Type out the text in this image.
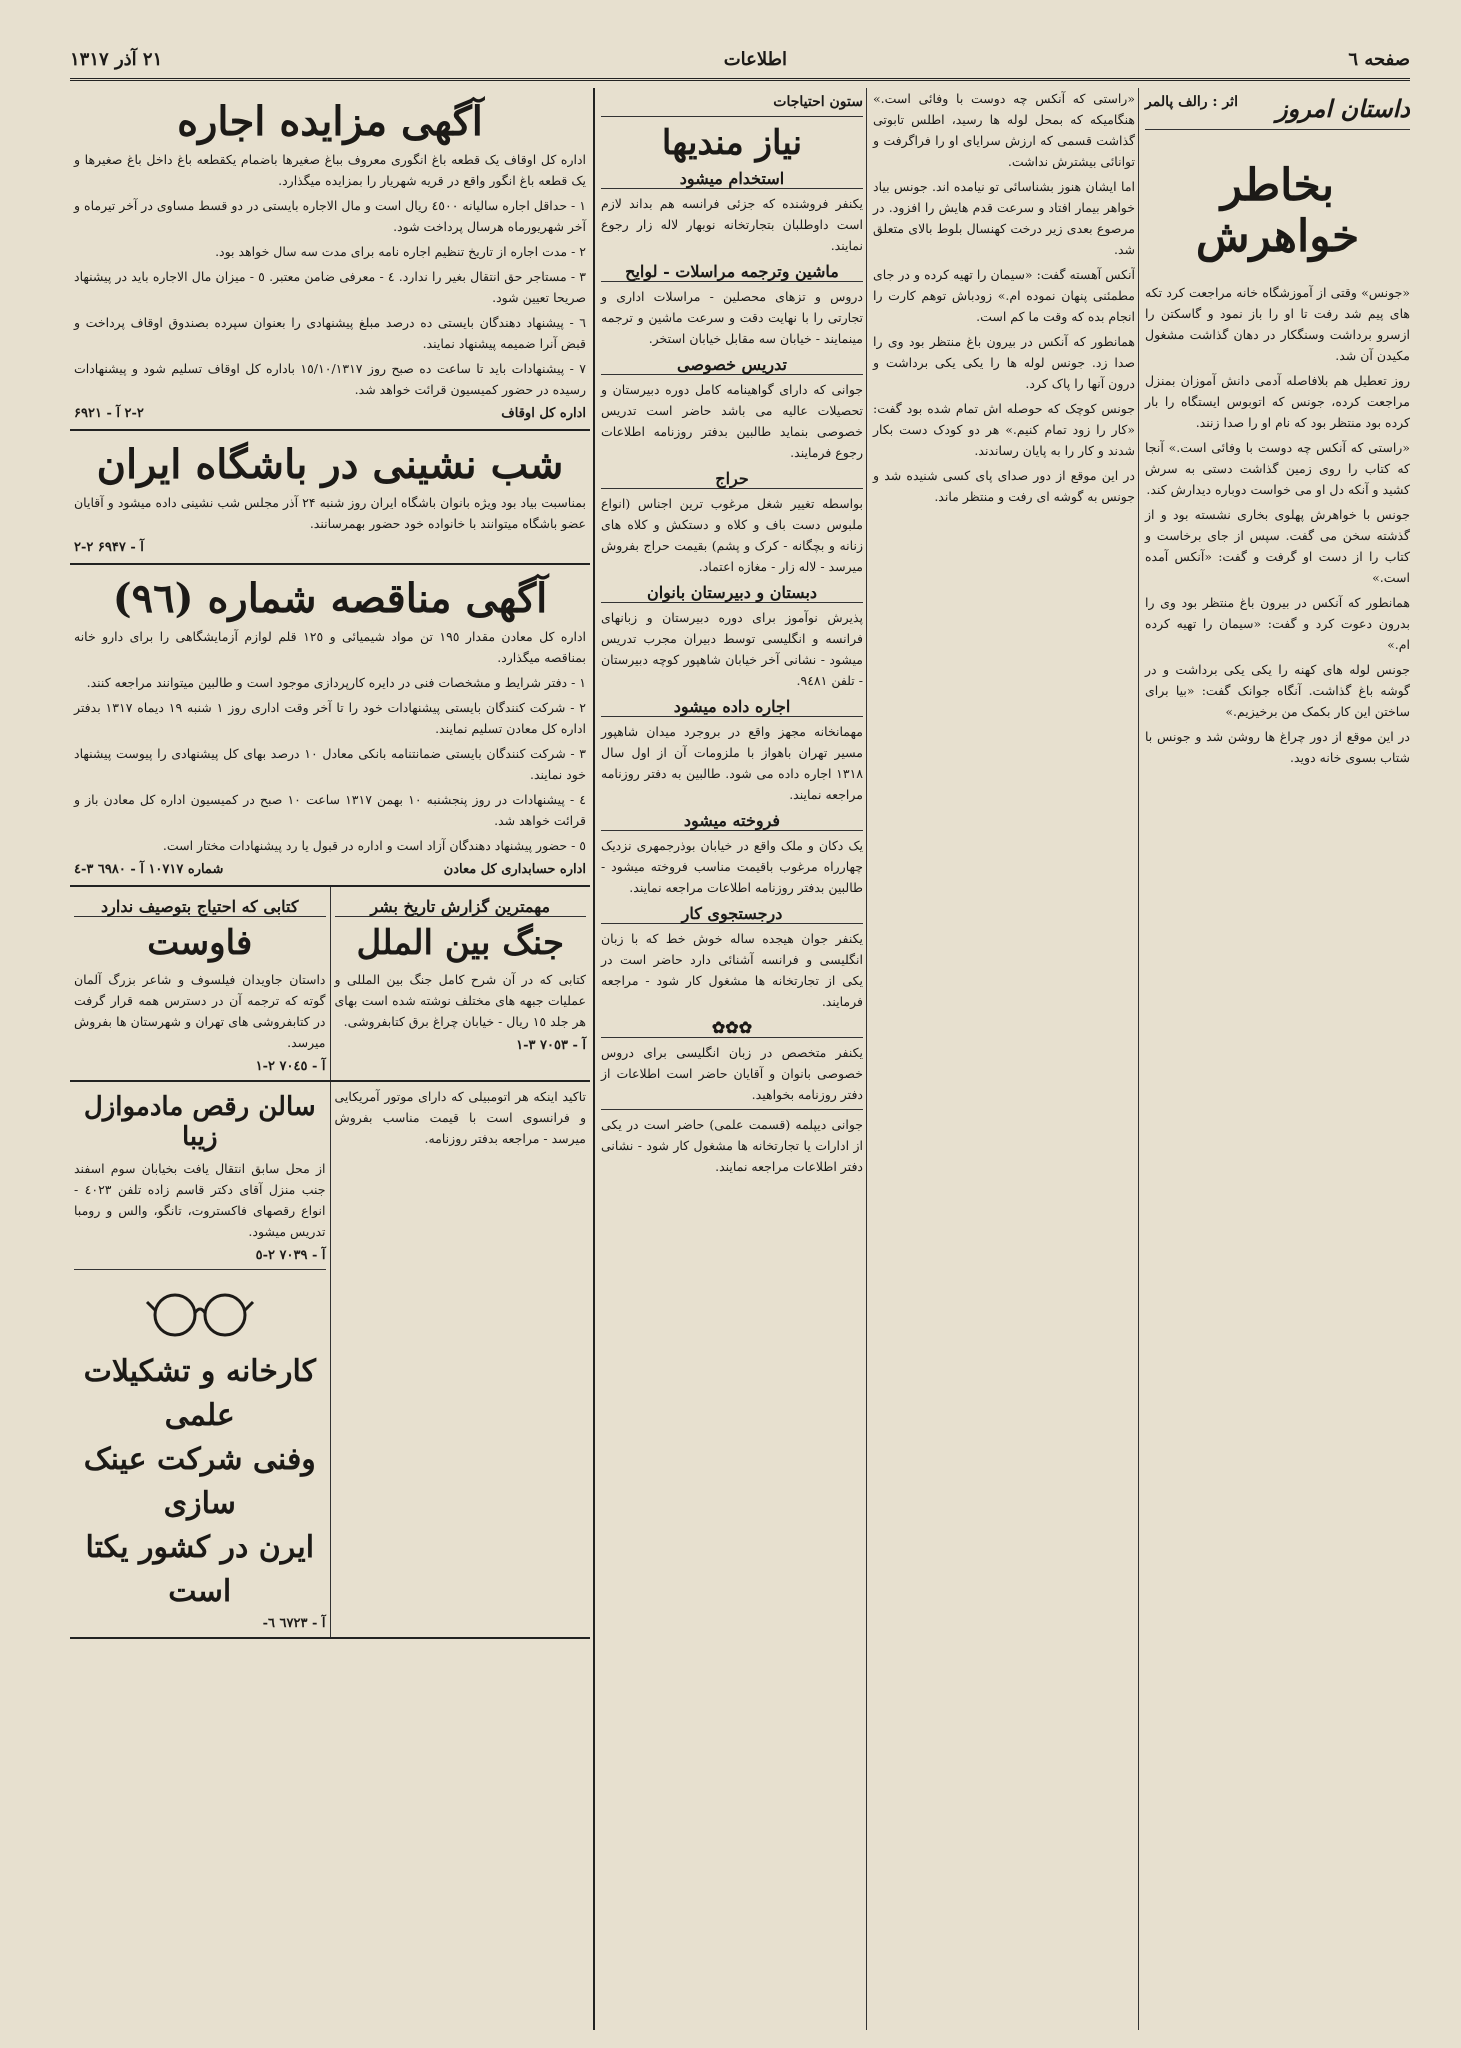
صفحه ٦
اطلاعات
۲۱ آذر ۱۳۱۷
داستان امروز
اثر : رالف پالمر
بخاطر خواهرش

«جونس» وقتی از آموزشگاه خانه مراجعت کرد تکه های پیم شد رفت تا او را باز نمود و گاسکتن را ازسرو برداشت وسنگکار در دهان گذاشت مشغول مکیدن آن شد.

روز تعطیل هم بلافاصله آدمی دانش آموزان بمنزل مراجعت کرده، جونس که اتوبوس ایستگاه را بار کرده بود منتظر بود که نام او را صدا زنند.

«راستی که آنکس چه دوست با وفائی است.» آنجا که کتاب را روی زمین گذاشت دستی به سرش کشید و آنکه دل او می خواست دوباره دیدارش کند.

جونس با خواهرش پهلوی بخاری نشسته بود و از گذشته سخن می گفت. سپس از جای برخاست و کتاب را از دست او گرفت و گفت: «آنکس آمده است.»

همانطور که آنکس در بیرون باغ منتظر بود وی را بدرون دعوت کرد و گفت: «سیمان را تهیه کرده ام.»

جونس لوله های کهنه را یکی یکی برداشت و در گوشه باغ گذاشت. آنگاه جوانک گفت: «بیا برای ساختن این کار بکمک من برخیزیم.»

در این موقع از دور چراغ ها روشن شد و جونس با شتاب بسوی خانه دوید.

«راستی که آنکس چه دوست با وفائی است.» هنگامیکه که بمحل لوله ها رسید، اطلس تابوتی گذاشت قسمی که ارزش سرایای او را فراگرفت و توانائی بیشترش نداشت.

اما ایشان هنوز بشناسائی تو نیامده اند. جونس بیاد خواهر بیمار افتاد و سرعت قدم هایش را افزود. در مرصوع بعدی زیر درخت کهنسال بلوط بالای متعلق شد.

آنکس آهسته گفت: «سیمان را تهیه کرده و در جای مطمئنی پنهان نموده ام.» زودباش توهم کارت را انجام بده که وقت ما کم است.

همانطور که آنکس در بیرون باغ منتظر بود وی را صدا زد. جونس لوله ها را یکی یکی برداشت و درون آنها را پاک کرد.

جونس کوچک که حوصله اش تمام شده بود گفت: «کار را زود تمام کنیم.» هر دو کودک دست بکار شدند و کار را به پایان رساندند.

در این موقع از دور صدای پای کسی شنیده شد و جونس به گوشه ای رفت و منتظر ماند.

ستون احتیاجات
نیاز مندیها
استخدام میشود

یکنفر فروشنده که جزئی فرانسه هم بداند لازم است داوطلبان بتجارتخانه نوبهار لاله زار رجوع نمایند.

ماشین وترجمه مراسلات - لوایح

دروس و تزهای محصلین - مراسلات اداری و تجارتی را با نهایت دقت و سرعت ماشین و ترجمه مینمایند - خیابان سه مقابل خیابان استخر.

تدریس خصوصی

جوانی که دارای گواهینامه کامل دوره دبیرستان و تحصیلات عالیه می باشد حاضر است تدریس خصوصی بنماید طالبین بدفتر روزنامه اطلاعات رجوع فرمایند.

حراج

بواسطه تغییر شغل مرغوب ترین اجناس (انواع ملبوس دست باف و کلاه و دستکش و کلاه های زنانه و بچگانه - کرک و پشم) بقیمت حراج بفروش میرسد - لاله زار - مغازه اعتماد.

دبستان و دبیرستان بانوان

پذیرش نوآموز برای دوره دبیرستان و زبانهای فرانسه و انگلیسی توسط دبیران مجرب تدریس میشود - نشانی آخر خیابان شاهپور کوچه دبیرستان - تلفن ٩٤٨١.

اجاره داده میشود

مهمانخانه مجهز واقع در بروجرد میدان شاهپور مسیر تهران باهواز با ملزومات آن از اول سال ١٣١٨ اجاره داده می شود. طالبین به دفتر روزنامه مراجعه نمایند.

فروخته میشود

یک دکان و ملک واقع در خیابان بوذرجمهری نزدیک چهارراه مرغوب باقیمت مناسب فروخته میشود - طالبین بدفتر روزنامه اطلاعات مراجعه نمایند.

درجستجوی کار

یکنفر جوان هیجده ساله خوش خط که با زبان انگلیسی و فرانسه آشنائی دارد حاضر است در یکی از تجارتخانه ها مشغول کار شود - مراجعه فرمایند.

✿✿✿

یکنفر متخصص در زبان انگلیسی برای دروس خصوصی بانوان و آقایان حاضر است اطلاعات از دفتر روزنامه بخواهید.

جوانی دیپلمه (قسمت علمی) حاضر است در یکی از ادارات یا تجارتخانه ها مشغول کار شود - نشانی دفتر اطلاعات مراجعه نمایند.

آگهی مزایده اجاره

اداره کل اوقاف یک قطعه باغ انگوری معروف بباغ صغیرها باضمام یکقطعه باغ داخل باغ صغیرها و یک قطعه باغ انگور واقع در قریه شهریار را بمزایده میگذارد.

١ - حداقل اجاره سالیانه ٤٥٠٠ ریال است و مال الاجاره بایستی در دو قسط مساوی در آخر تیرماه و آخر شهریورماه هرسال پرداخت شود.

٢ - مدت اجاره از تاریخ تنظیم اجاره نامه برای مدت سه سال خواهد بود.

٣ - مستاجر حق انتقال بغیر را ندارد. ٤ - معرفی ضامن معتبر. ٥ - میزان مال الاجاره باید در پیشنهاد صریحا تعیین شود.

٦ - پیشنهاد دهندگان بایستی ده درصد مبلغ پیشنهادی را بعنوان سپرده بصندوق اوقاف پرداخت و قبض آنرا ضمیمه پیشنهاد نمایند.

٧ - پیشنهادات باید تا ساعت ده صبح روز ١٥/١٠/١٣١٧ باداره کل اوقاف تسلیم شود و پیشنهادات رسیده در حضور کمیسیون قرائت خواهد شد.

اداره کل اوقاف
۲-۲ آ - ۶۹۲۱
شب نشینی در باشگاه ایران

بمناسبت بیاد بود ویژه بانوان باشگاه ایران روز شنبه ۲۴ آذر مجلس شب نشینی داده میشود و آقایان عضو باشگاه میتوانند با خانواده خود حضور بهمرسانند.

آ - ۶۹۴۷ ۲-۲
آگهی مناقصه شماره (٩٦)

اداره کل معادن مقدار ١٩٥ تن مواد شیمیائی و ١٢٥ قلم لوازم آزمایشگاهی را برای دارو خانه بمناقصه میگذارد.

١ - دفتر شرایط و مشخصات فنی در دایره کارپردازی موجود است و طالبین میتوانند مراجعه کنند.

٢ - شرکت کنندگان بایستی پیشنهادات خود را تا آخر وقت اداری روز ١ شنبه ١٩ دیماه ١٣١٧ بدفتر اداره کل معادن تسلیم نمایند.

٣ - شرکت کنندگان بایستی ضمانتنامه بانکی معادل ١٠ درصد بهای کل پیشنهادی را پیوست پیشنهاد خود نمایند.

٤ - پیشنهادات در روز پنجشنبه ١٠ بهمن ١٣١٧ ساعت ١٠ صبح در کمیسیون اداره کل معادن باز و قرائت خواهد شد.

٥ - حضور پیشنهاد دهندگان آزاد است و اداره در قبول یا رد پیشنهادات مختار است.

اداره حسابداری کل معادن
شماره ١٠٧١٧ آ - ٦٩٨٠ ٣-٤
مهمترین گزارش تاریخ بشر
جنگ بین الملل

کتابی که در آن شرح کامل جنگ بین المللی و عملیات جبهه های مختلف نوشته شده است بهای هر جلد ١٥ ریال - خیابان چراغ برق کتابفروشی.

آ - ٧٠٥٣ ٣-١
کتابی که احتیاج بتوصیف ندارد
فاوست

داستان جاویدان فیلسوف و شاعر بزرگ آلمان گوته که ترجمه آن در دسترس همه قرار گرفت در کتابفروشی های تهران و شهرستان ها بفروش میرسد.

آ - ٧٠٤٥ ٢-١

تاکید اینکه هر اتومبیلی که دارای موتور آمریکایی و فرانسوی است با قیمت مناسب بفروش میرسد - مراجعه بدفتر روزنامه.

سالن رقص مادموازل زیبا

از محل سابق انتقال یافت بخیابان سوم اسفند جنب منزل آقای دکتر قاسم زاده تلفن ٤٠٢٣ - انواع رقصهای فاکستروت، تانگو، والس و رومبا تدریس میشود.

آ - ٧٠٣٩ ٢-٥
کارخانه و تشکیلات علمی
وفنی شرکت عینک سازی
ایرن در کشور یکتا است
آ - ٦٧٢٣ ٦-
